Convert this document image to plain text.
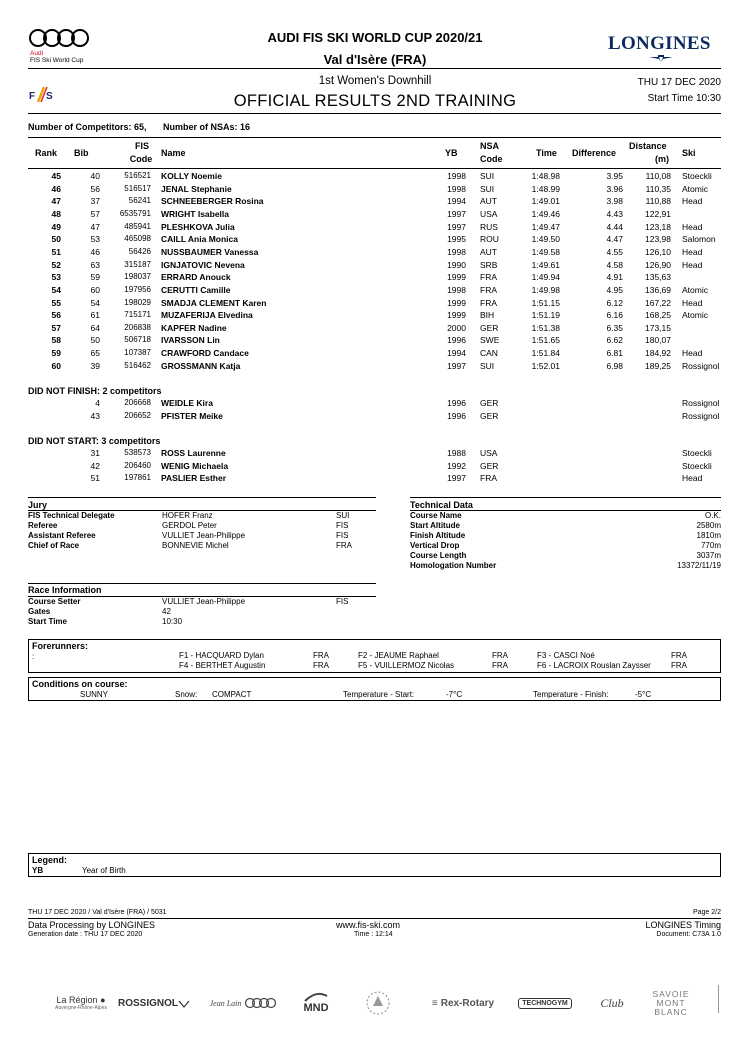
Audi
FIS Ski World Cup
AUDI FIS SKI WORLD CUP 2020/21
Val d'Isère (FRA)
LONGINES
F S
1st Women's Downhill
OFFICIAL RESULTS 2ND TRAINING
THU 17 DEC 2020
Start Time 10:30
Number of Competitors: 65, Number of NSAs: 16
Rank Bib
FIS
Code
Name	YB
NSA
Code
Time Difference
Distance
(m)
Ski
45	40	516521 KOLLY Noemie	1998 SUI	1:48.98	3.95	110,08 Stoeckli
46	56	516517 JENAL Stephanie	1998 SUI	1:48.99	3.96	110,35 Atomic
47	37	56241 SCHNEEBERGER Rosina	1994 AUT	1:49.01	3.98	110,88 Head
48	57	6535791 WRIGHT Isabella	1997 USA	1:49.46	4.43	122,91
49	47	485941 PLESHKOVA Julia	1997 RUS	1:49.47	4.44	123,18 Head
50	53	465098 CAILL Ania Monica	1995 ROU	1:49.50	4.47	123,98 Salomon
51	46	56426 NUSSBAUMER Vanessa	1998 AUT	1:49.58	4.55	126,10 Head
52	63	315187 IGNJATOVIC Nevena	1990 SRB	1:49.61	4.58	126,90 Head
53	59	198037 ERRARD Anouck	1999 FRA	1:49.94	4.91	135,63
54	60	197956 CERUTTI Camille	1998 FRA	1:49.98	4.95	136,69 Atomic
55	54	198029 SMADJA CLEMENT Karen	1999 FRA	1:51.15	6.12	167,22 Head
56	61	715171 MUZAFERIJA Elvedina	1999 BIH	1:51.19	6.16	168,25 Atomic
57	64	206838 KAPFER Nadine	2000 GER	1:51.38	6.35	173,15
58	50	506718 IVARSSON Lin	1996 SWE	1:51.65	6.62	180,07
59	65	107387 CRAWFORD Candace	1994 CAN	1:51.84	6.81	184,92 Head
60	39	516462 GROSSMANN Katja	1997 SUI	1:52.01	6.98	189,25 Rossignol
DID NOT FINISH: 2 competitors
4	206668 WEIDLE Kira	1996 GER	Rossignol
43	206652 PFISTER Meike	1996 GER	Rossignol
DID NOT START: 3 competitors
31	538573 ROSS Laurenne	1988 USA	Stoeckli
42	206460 WENIG Michaela	1992 GER	Stoeckli
51	197861 PASLIER Esther	1997 FRA	Head
Jury
FIS Technical Delegate	HOFER Franz	SUI
Referee	GERDOL Peter	FIS
Assistant Referee	VULLIET Jean-Philippe	FIS
Chief of Race	BONNEVIE Michel	FRA
Technical Data
Course Name	O.K.
Start Altitude	2580m
Finish Altitude	1810m
Vertical Drop	770m
Course Length	3037m
Homologation Number	13372/11/19
Race Information
Course Setter	VULLIET Jean-Philippe	FIS
Gates	42
Start Time	10:30
Forerunners:
:	F1 - HACQUARD Dylan	FRA	F2 - JEAUME Raphael	FRA	F3 - CASCI Noé	FRA
F4 - BERTHET Augustin	FRA	F5 - VUILLERMOZ Nicolas	FRA	F6 - LACROIX Rouslan Zaysser	FRA
Conditions on course:
SUNNY	Snow: COMPACT	Temperature - Start:	-7°C	Temperature - Finish:	-5°C
Legend:
YB	Year of Birth
THU 17 DEC 2020 / Val d'Isère (FRA) / 5031	Page 2/2
Data Processing by LONGINES	www.fis-ski.com	LONGINES Timing
Generation date : THU 17 DEC 2020	Time : 12:14	Document: C73A 1.0
La Région ●
Auvergne-Rhône-Alpes ROSSIGNOL	Jean Lain	MND	≡ Rex-Rotary	TECHNOGYM	Club
SAVOIE
MONT
BLANC
